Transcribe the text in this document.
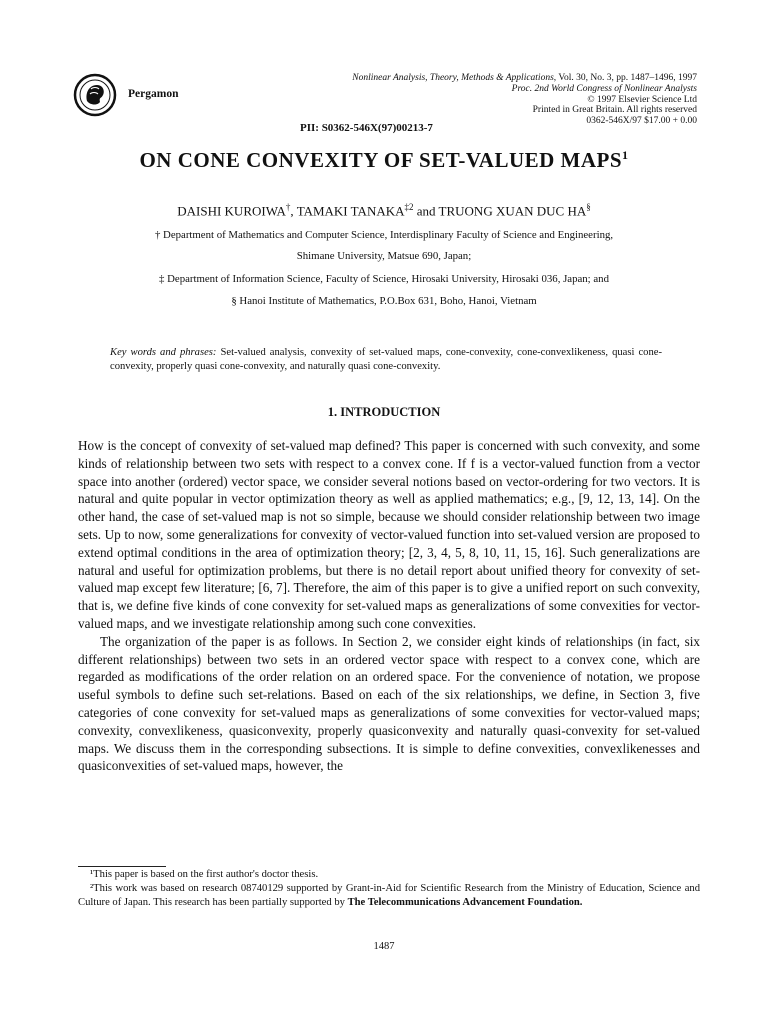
Pergamon
Nonlinear Analysis, Theory, Methods & Applications, Vol. 30, No. 3, pp. 1487–1496, 1997
Proc. 2nd World Congress of Nonlinear Analysts
© 1997 Elsevier Science Ltd
Printed in Great Britain. All rights reserved
0362-546X/97 $17.00 + 0.00
PII: S0362-546X(97)00213-7
ON CONE CONVEXITY OF SET-VALUED MAPS$^1$
DAISHI KUROIWA†, TAMAKI TANAKA$^{\ddagger 2}$ and TRUONG XUAN DUC HA§
† Department of Mathematics and Computer Science, Interdisplinary Faculty of Science and Engineering,
Shimane University, Matsue 690, Japan;
‡ Department of Information Science, Faculty of Science, Hirosaki University, Hirosaki 036, Japan; and
§ Hanoi Institute of Mathematics, P.O.Box 631, Boho, Hanoi, Vietnam
Key words and phrases: Set-valued analysis, convexity of set-valued maps, cone-convexity, cone-convexlikeness, quasi cone-convexity, properly quasi cone-convexity, and naturally quasi cone-convexity.
1. INTRODUCTION

How is the concept of convexity of set-valued map defined? This paper is concerned with such convexity, and some kinds of relationship between two sets with respect to a convex cone. If f is a vector-valued function from a vector space into another (ordered) vector space, we consider several notions based on vector-ordering for two vectors. It is natural and quite popular in vector optimization theory as well as applied mathematics; e.g., [9, 12, 13, 14]. On the other hand, the case of set-valued map is not so simple, because we should consider relationship between two image sets. Up to now, some generalizations for convexity of vector-valued function into set-valued version are proposed to extend optimal conditions in the area of optimization theory; [2, 3, 4, 5, 8, 10, 11, 15, 16]. Such generalizations are natural and useful for optimization problems, but there is no detail report about unified theory for convexity of set-valued map except few literature; [6, 7]. Therefore, the aim of this paper is to give a unified report on such convexity, that is, we define five kinds of cone convexity for set-valued maps as generalizations of some convexities for vector-valued maps, and we investigate relationship among such cone convexities.

The organization of the paper is as follows. In Section 2, we consider eight kinds of relationships (in fact, six different relationships) between two sets in an ordered vector space with respect to a convex cone, which are regarded as modifications of the order relation on an ordered space. For the convenience of notation, we propose useful symbols to define such set-relations. Based on each of the six relationships, we define, in Section 3, five categories of cone convexity for set-valued maps as generalizations of some convexities for vector-valued maps; convexity, convexlikeness, quasiconvexity, properly quasiconvexity and naturally quasi-convexity for set-valued maps. We discuss them in the corresponding subsections. It is simple to define convexities, convexlikenesses and quasiconvexities of set-valued maps, however, the

¹This paper is based on the first author's doctor thesis.

²This work was based on research 08740129 supported by Grant-in-Aid for Scientific Research from the Ministry of Education, Science and Culture of Japan. This research has been partially supported by The Telecommunications Advancement Foundation.

1487
